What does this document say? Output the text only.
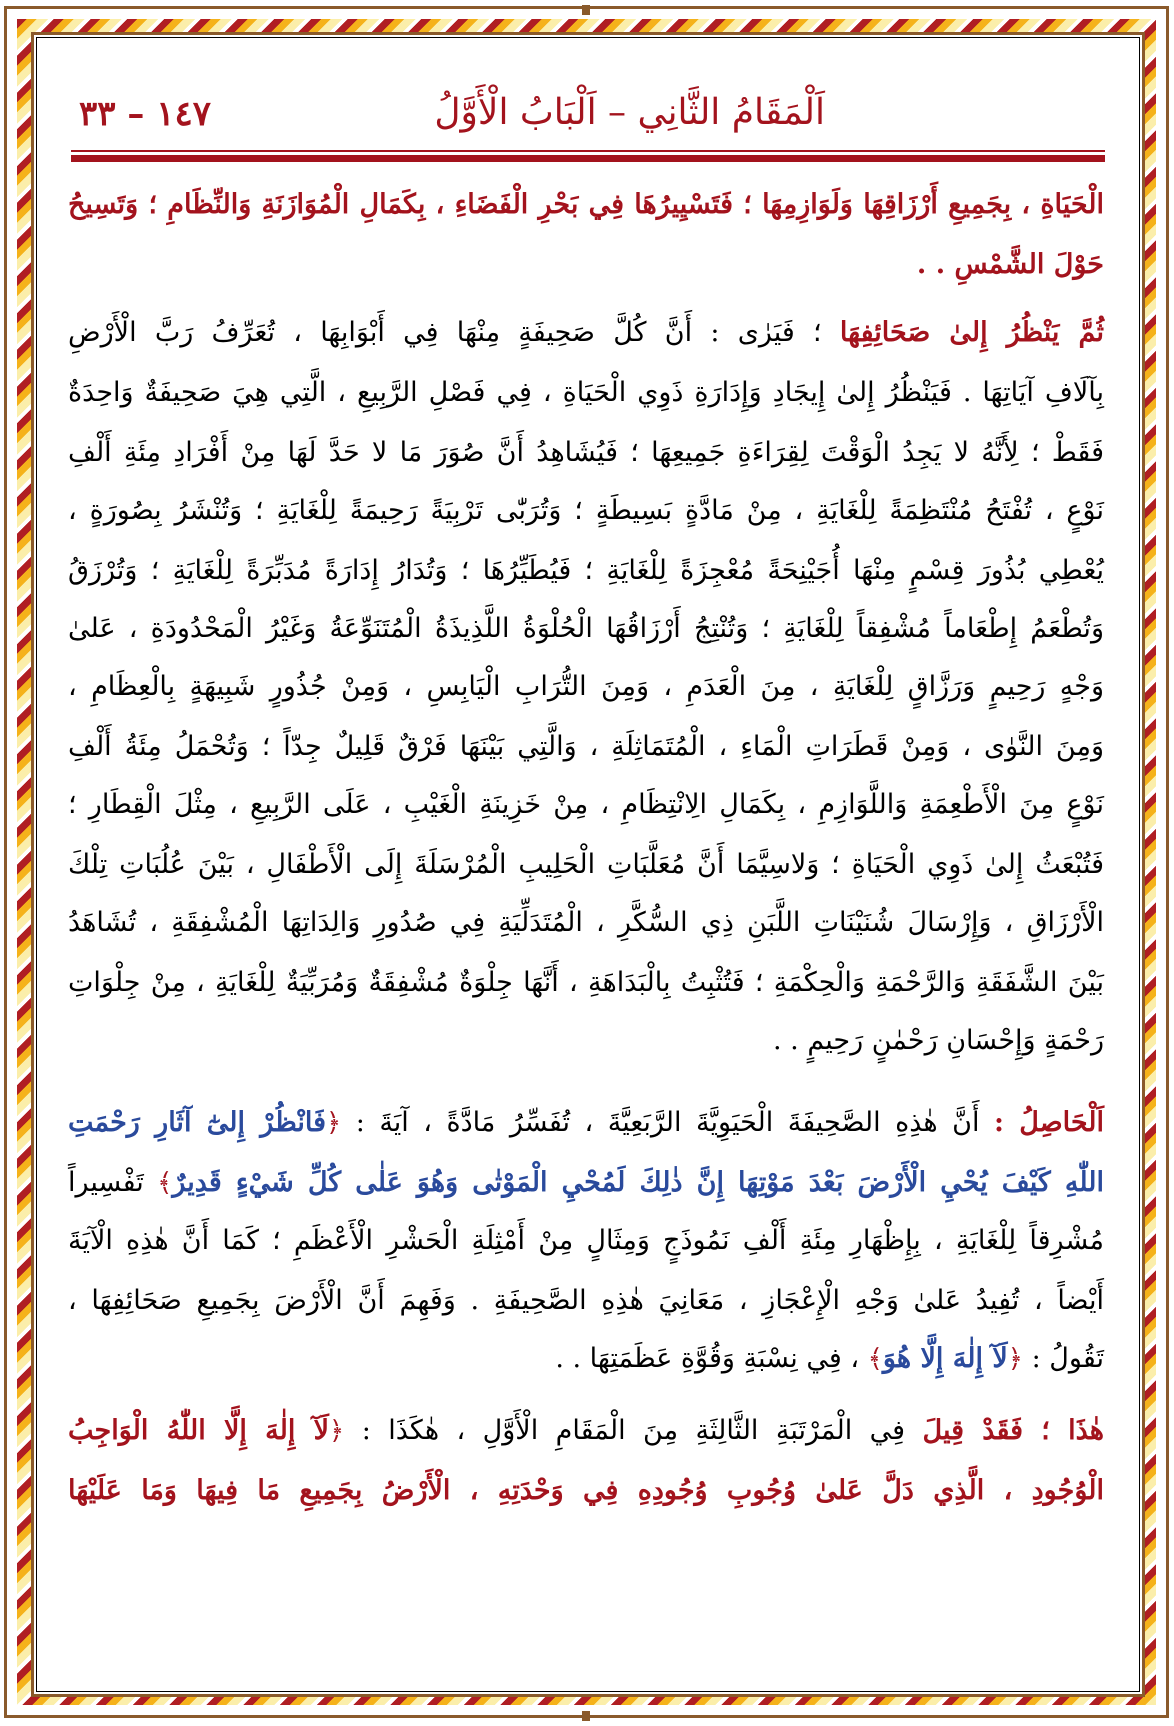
اَلْمَقَامُ الثَّانِي – اَلْبَابُ الْأَوَّلُ
١٤٧ – ٣٣
الْحَيَاةِ ، بِجَمِيعِ أَرْزَاقِهَا وَلَوَازِمِهَا ؛ فَتَسْيِيرُهَا فِي بَحْرِ الْفَضَاءِ ، بِكَمَالِ الْمُوَازَنَةِ وَالنِّظَامِ ؛ وَتَسِيحُ
حَوْلَ الشَّمْسِ . .
ثُمَّ يَنْظُرُ إِلىٰ صَحَائِفِهَا ؛ فَيَرٰى : أَنَّ كُلَّ صَحِيفَةٍ مِنْهَا فِي أَبْوَابِهَا ، تُعَرِّفُ رَبَّ الْأَرْضِ
بِآلَافِ آيَاتِهَا . فَيَنْظُرُ إِلىٰ إِيجَادِ وَإِدَارَةِ ذَوِي الْحَيَاةِ ، فِي فَصْلِ الرَّبِيعِ ، الَّتِي هِيَ صَحِيفَةٌ وَاحِدَةٌ
فَقَطْ ؛ لِأَنَّهُ لا يَجِدُ الْوَقْتَ لِقِرَاءَةِ جَمِيعِهَا ؛ فَيُشَاهِدُ أَنَّ صُوَرَ مَا لا حَدَّ لَهَا مِنْ أَفْرَادِ مِئَةِ أَلْفِ
نَوْعٍ ، تُفْتَحُ مُنْتَظِمَةً لِلْغَايَةِ ، مِنْ مَادَّةٍ بَسِيطَةٍ ؛ وَتُرَبّٰى تَرْبِيَةً رَحِيمَةً لِلْغَايَةِ ؛ وَتُنْشَرُ بِصُورَةٍ ،
يُعْطِي بُذُورَ قِسْمٍ مِنْهَا أُجَيْنِحَةً مُعْجِزَةً لِلْغَايَةِ ؛ فَيُطَيِّرُهَا ؛ وَتُدَارُ إِدَارَةً مُدَبِّرَةً لِلْغَايَةِ ؛ وَتُرْزَقُ
وَتُطْعَمُ إِطْعَاماً مُشْفِقاً لِلْغَايَةِ ؛ وَتُنْتِجُ أَرْزَاقُهَا الْحُلْوَةُ اللَّذِيذَةُ الْمُتَنَوِّعَةُ وَغَيْرُ الْمَحْدُودَةِ ، عَلىٰ
وَجْهٍ رَحِيمٍ وَرَزَّاقٍ لِلْغَايَةِ ، مِنَ الْعَدَمِ ، وَمِنَ التُّرَابِ الْيَابِسِ ، وَمِنْ جُذُورٍ شَبِيهَةٍ بِالْعِظَامِ ،
وَمِنَ النَّوٰى ، وَمِنْ قَطَرَاتِ الْمَاءِ ، الْمُتَمَاثِلَةِ ، وَالَّتِي بَيْنَهَا فَرْقٌ قَلِيلٌ جِدّاً ؛ وَتُحْمَلُ مِئَةُ أَلْفِ
نَوْعٍ مِنَ الْأَطْعِمَةِ وَاللَّوَازِمِ ، بِكَمَالِ الِانْتِظَامِ ، مِنْ خَزِينَةِ الْغَيْبِ ، عَلَى الرَّبِيعِ ، مِثْلَ الْقِطَارِ ؛
فَتُبْعَثُ إِلىٰ ذَوِي الْحَيَاةِ ؛ وَلاسِيَّمَا أَنَّ مُعَلَّبَاتِ الْحَلِيبِ الْمُرْسَلَةَ إِلَى الْأَطْفَالِ ، بَيْنَ عُلُبَاتِ تِلْكَ
الْأَرْزَاقِ ، وَإِرْسَالَ شُنَيْنَاتِ اللَّبَنِ ذِي السُّكَّرِ ، الْمُتَدَلِّيَةِ فِي صُدُورِ وَالِدَاتِهَا الْمُشْفِقَةِ ، تُشَاهَدُ
بَيْنَ الشَّفَقَةِ وَالرَّحْمَةِ وَالْحِكْمَةِ ؛ فَتُثْبِتُ بِالْبَدَاهَةِ ، أَنَّهَا جِلْوَةٌ مُشْفِقَةٌ وَمُرَبِّيَةٌ لِلْغَايَةِ ، مِنْ جِلْوَاتِ
رَحْمَةٍ وَإِحْسَانِ رَحْمٰنٍ رَحِيمٍ . .
اَلْحَاصِلُ : أَنَّ هٰذِهِ الصَّحِيفَةَ الْحَيَوِيَّةَ الرَّبَعِيَّةَ ، تُفَسِّرُ مَادَّةً ، آيَةَ : ﴿فَانْظُرْ إِلىٰٓ آثَارِ رَحْمَتِ
اللّٰهِ كَيْفَ يُحْيِ الْأَرْضَ بَعْدَ مَوْتِهَا إِنَّ ذٰلِكَ لَمُحْيِ الْمَوْتٰى وَهُوَ عَلٰى كُلِّ شَيْءٍ قَدِيرٌ﴾ تَفْسِيراً
مُشْرِقاً لِلْغَايَةِ ، بِإِظْهَارِ مِئَةِ أَلْفِ نَمُوذَجٍ وَمِثَالٍ مِنْ أَمْثِلَةِ الْحَشْرِ الْأَعْظَمِ ؛ كَمَا أَنَّ هٰذِهِ الْآيَةَ
أَيْضاً ، تُفِيدُ عَلىٰ وَجْهِ الْإِعْجَازِ ، مَعَانِيَ هٰذِهِ الصَّحِيفَةِ . وَفَهِمَ أَنَّ الْأَرْضَ بِجَمِيعِ صَحَائِفِهَا ،
تَقُولُ : ﴿لَآ إِلٰهَ إِلَّا هُوَ﴾ ، فِي نِسْبَةِ وَقُوَّةِ عَظَمَتِهَا . .
هٰذَا ؛ فَقَدْ قِيلَ فِي الْمَرْتَبَةِ الثَّالِثَةِ مِنَ الْمَقَامِ الْأَوَّلِ ، هٰكَذَا : ﴿لَآ إِلٰهَ إِلَّا اللّٰهُ الْوَاجِبُ
الْوُجُودِ ، الَّذِي دَلَّ عَلىٰ وُجُوبِ وُجُودِهِ فِي وَحْدَتِهِ ، الْأَرْضُ بِجَمِيعِ مَا فِيهَا وَمَا عَلَيْهَا
